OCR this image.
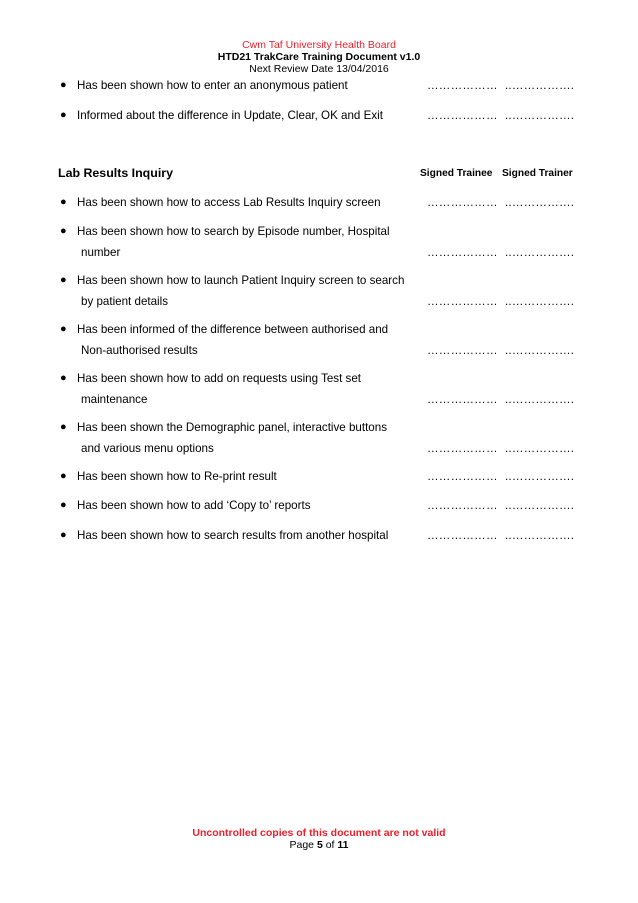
Cwm Taf University Health Board
HTD21 TrakCare Training Document v1.0
Next Review Date 13/04/2016
● Has been shown how to enter an anonymous patient	……………… ..…………….
● Informed about the difference in Update, Clear, OK and Exit	……………… ..…………….
Lab Results Inquiry	Signed Trainee Signed Trainer
● Has been shown how to access Lab Results Inquiry screen	……………… ..…………….
● Has been shown how to search by Episode number, Hospital
number	……………… ..…………….
● Has been shown how to launch Patient Inquiry screen to search
by patient details	……………… ..…………….
● Has been informed of the difference between authorised and
Non-authorised results	……………… ..…………….
● Has been shown how to add on requests using Test set
maintenance	……………… ..…………….
● Has been shown the Demographic panel, interactive buttons
and various menu options	……………… ..…………….
● Has been shown how to Re-print result	……………… ..…………….
● Has been shown how to add ‘Copy to’ reports	……………… ..…………….
● Has been shown how to search results from another hospital	……………… ..…………….
Uncontrolled copies of this document are not valid
Page 5 of 11
